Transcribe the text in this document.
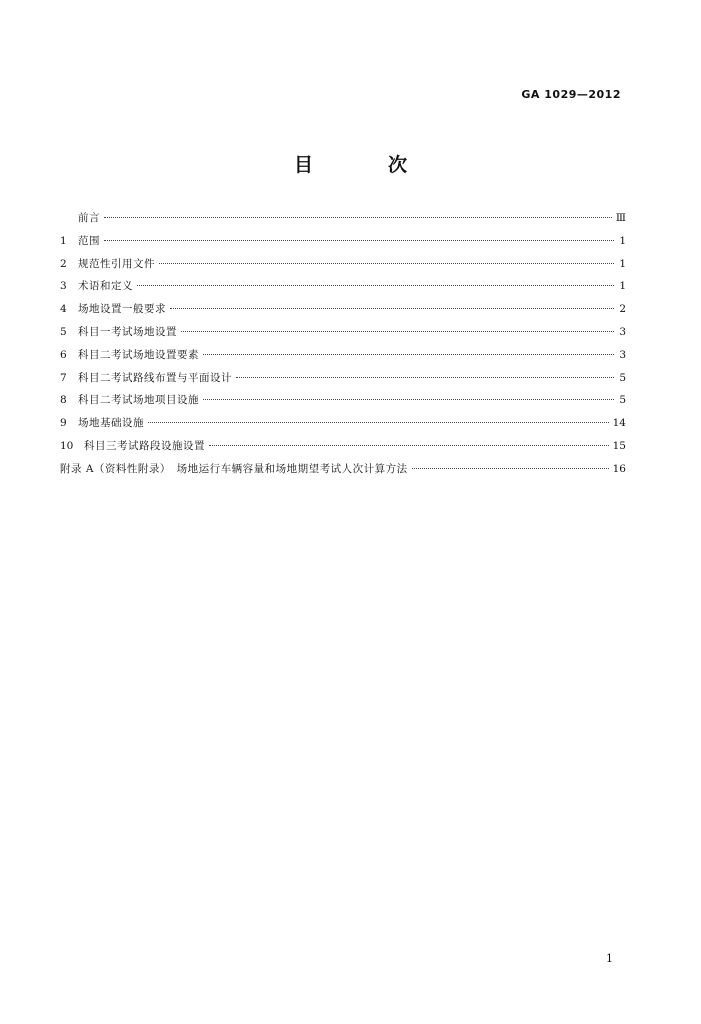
GA 1029—2012
目　次
前言	Ⅲ
1	范围	1
2	规范性引用文件	1
3	术语和定义	1
4	场地设置一般要求	2
5	科目一考试场地设置	3
6	科目二考试场地设置要素	3
7	科目二考试路线布置与平面设计	5
8	科目二考试场地项目设施	5
9	场地基础设施	14
10	科目三考试路段设施设置	15
附录 A（资料性附录）　场地运行车辆容量和场地期望考试人次计算方法	16
1
